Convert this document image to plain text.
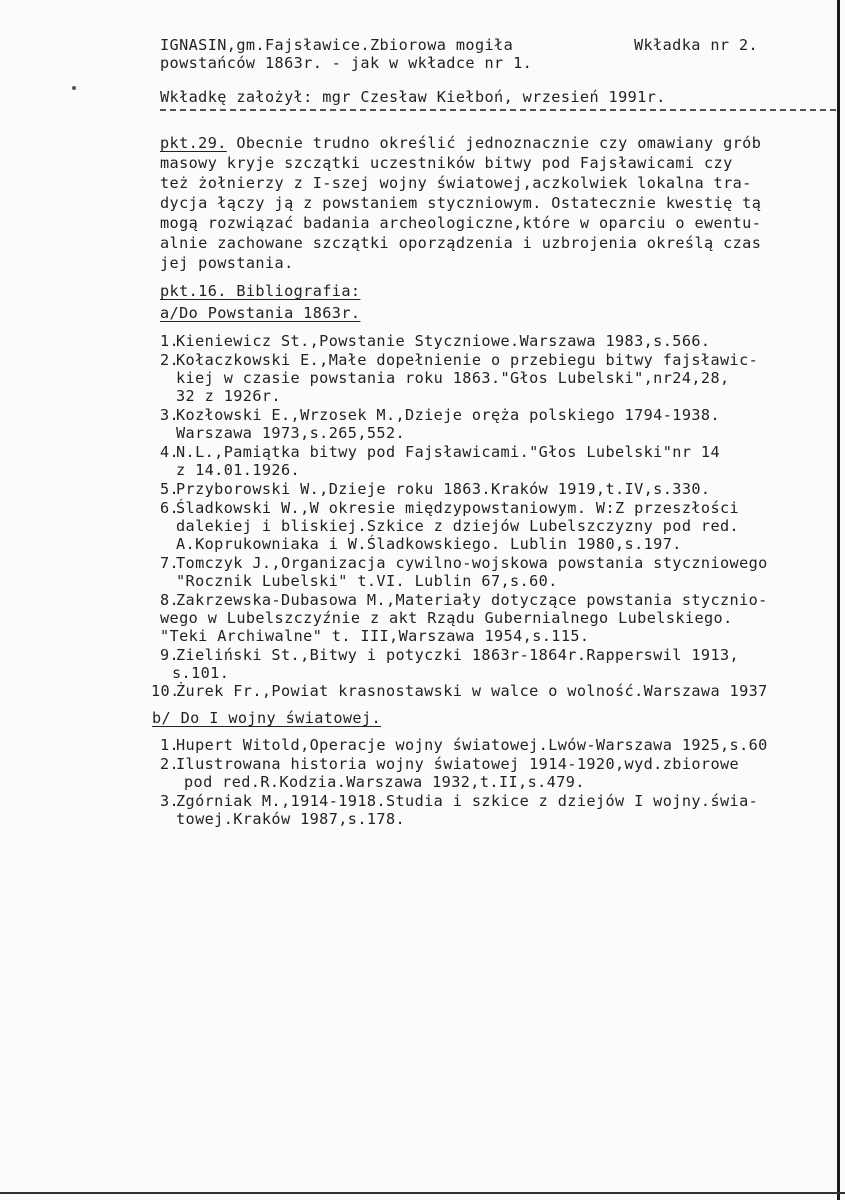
IGNASIN,gm.Fajsławice.Zbiorowa mogiła	Wkładka nr 2.
powstańców 1863r. - jak w wkładce nr 1.
Wkładkę założył: mgr Czesław Kiełboń, wrzesień 1991r.
pkt.29. Obecnie trudno określić jednoznacznie czy omawiany grób
masowy kryje szczątki uczestników bitwy pod Fajsławicami czy
też żołnierzy z I-szej wojny światowej,aczkolwiek lokalna tra-
dycja łączy ją z powstaniem styczniowym. Ostatecznie kwestię tą
mogą rozwiązać badania archeologiczne,które w oparciu o ewentu-
alnie zachowane szczątki oporządzenia i uzbrojenia określą czas
jej powstania.
pkt.16. Bibliografia:
a/Do Powstania 1863r.
1.
Kieniewicz St.,Powstanie Styczniowe.Warszawa 1983,s.566.
2.
Kołaczkowski E.,Małe dopełnienie o przebiegu bitwy fajsławic-
kiej w czasie powstania roku 1863."Głos Lubelski",nr24,28,
32 z 1926r.
3.
Kozłowski E.,Wrzosek M.,Dzieje oręża polskiego 1794-1938.
Warszawa 1973,s.265,552.
4.
N.L.,Pamiątka bitwy pod Fajsławicami."Głos Lubelski"nr 14
z 14.01.1926.
5.
Przyborowski W.,Dzieje roku 1863.Kraków 1919,t.IV,s.330.
6.
Śladkowski W.,W okresie międzypowstaniowym. W:Z przeszłości
dalekiej i bliskiej.Szkice z dziejów Lubelszczyzny pod red.
A.Koprukowniaka i W.Śladkowskiego. Lublin 1980,s.197.
7.
Tomczyk J.,Organizacja cywilno-wojskowa powstania styczniowego
"Rocznik Lubelski" t.VI. Lublin 67,s.60.
8.
Zakrzewska-Dubasowa M.,Materiały dotyczące powstania stycznio-
wego w Lubelszczyźnie z akt Rządu Gubernialnego Lubelskiego.
"Teki Archiwalne" t. III,Warszawa 1954,s.115.
9.
Zieliński St.,Bitwy i potyczki 1863r-1864r.Rapperswil 1913,
s.101.
10.
Żurek Fr.,Powiat krasnostawski w walce o wolność.Warszawa 1937
b/ Do I wojny światowej.
1.
Hupert Witold,Operacje wojny światowej.Lwów-Warszawa 1925,s.60
2.
Ilustrowana historia wojny światowej 1914-1920,wyd.zbiorowe
pod red.R.Kodzia.Warszawa 1932,t.II,s.479.
3.
Zgórniak M.,1914-1918.Studia i szkice z dziejów I wojny.świa-
towej.Kraków 1987,s.178.
